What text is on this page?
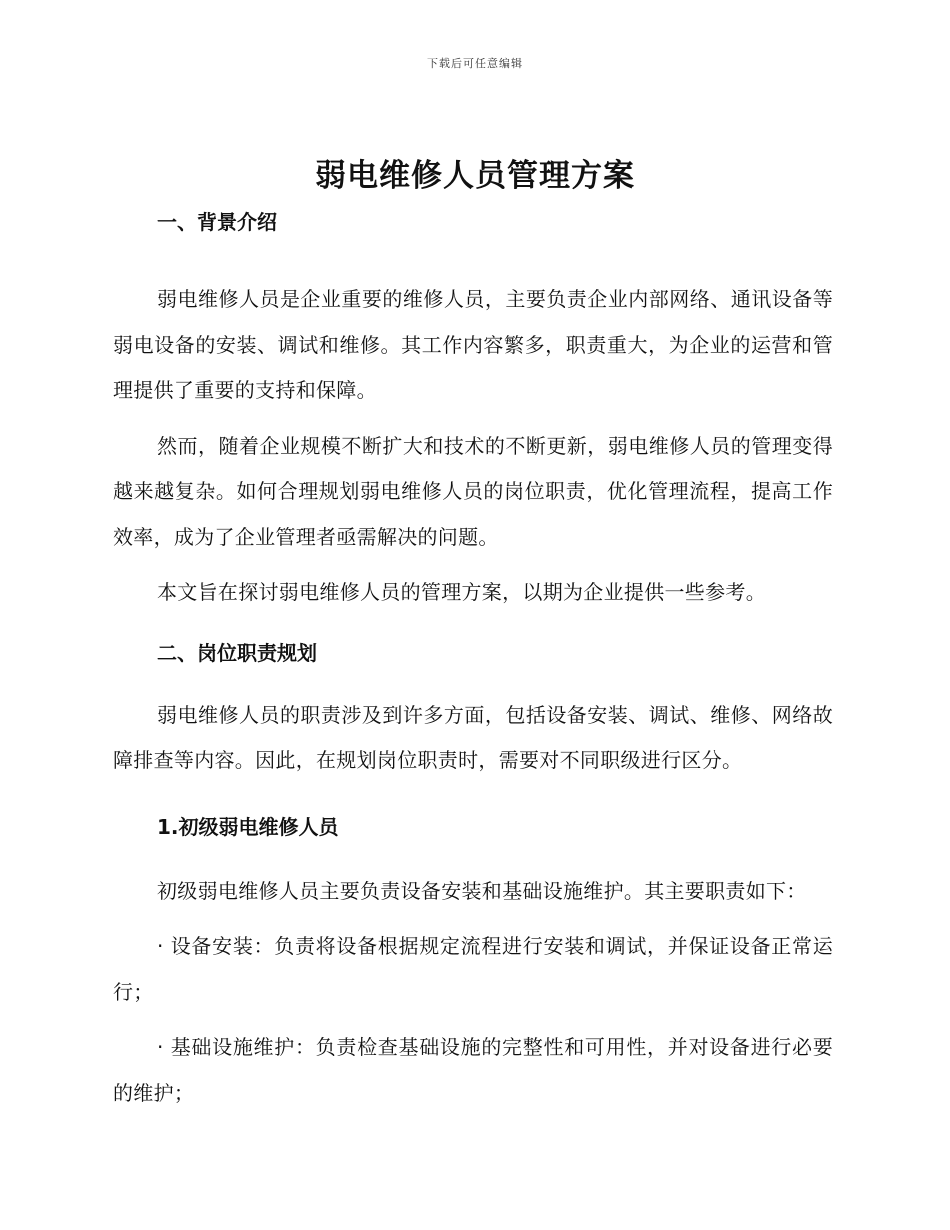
下载后可任意编辑
弱电维修人员管理方案
一、背景介绍

弱电维修人员是企业重要的维修人员，主要负责企业内部网络、通讯设备等弱电设备的安装、调试和维修。其工作内容繁多，职责重大，为企业的运营和管理提供了重要的支持和保障。

然而，随着企业规模不断扩大和技术的不断更新，弱电维修人员的管理变得越来越复杂。如何合理规划弱电维修人员的岗位职责，优化管理流程，提高工作效率，成为了企业管理者亟需解决的问题。

本文旨在探讨弱电维修人员的管理方案，以期为企业提供一些参考。

二、岗位职责规划

弱电维修人员的职责涉及到许多方面，包括设备安装、调试、维修、网络故障排查等内容。因此，在规划岗位职责时，需要对不同职级进行区分。

1.初级弱电维修人员

初级弱电维修人员主要负责设备安装和基础设施维护。其主要职责如下：

· 设备安装：负责将设备根据规定流程进行安装和调试，并保证设备正常运行；

· 基础设施维护：负责检查基础设施的完整性和可用性，并对设备进行必要的维护；
